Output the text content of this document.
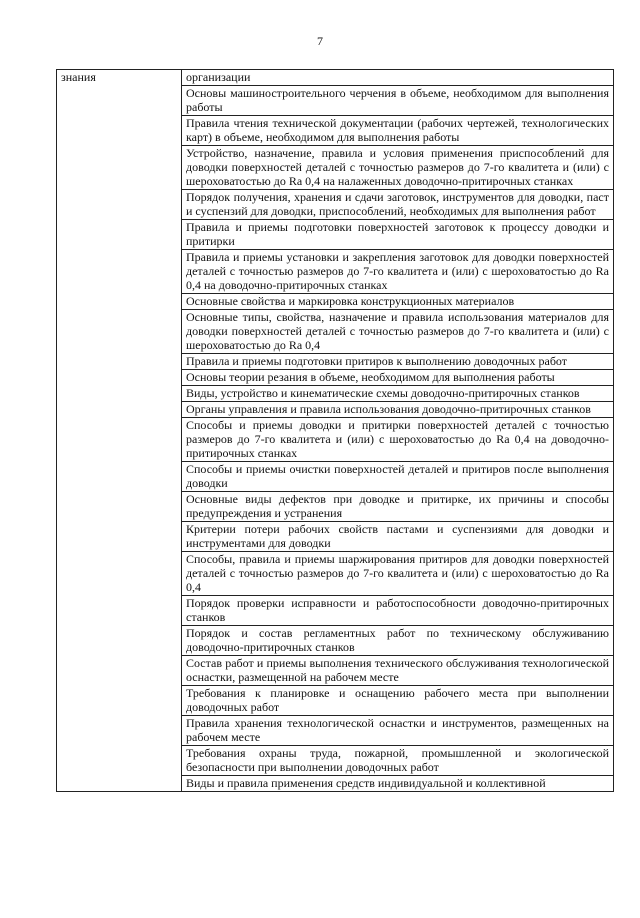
7
знания	организации
Основы машиностроительного черчения в объеме, необходимом для выполнения работы
Правила чтения технической документации (рабочих чертежей, технологических карт) в объеме, необходимом для выполнения работы
Устройство, назначение, правила и условия применения приспособлений для доводки поверхностей деталей с точностью размеров до 7-го квалитета и (или) с шероховатостью до Ra 0,4 на налаженных доводочно-притирочных станках
Порядок получения, хранения и сдачи заготовок, инструментов для доводки, паст и суспензий для доводки, приспособлений, необходимых для выполнения работ
Правила и приемы подготовки поверхностей заготовок к процессу доводки и притирки
Правила и приемы установки и закрепления заготовок для доводки поверхностей деталей с точностью размеров до 7-го квалитета и (или) с шероховатостью до Ra 0,4 на доводочно-притирочных станках
Основные свойства и маркировка конструкционных материалов
Основные типы, свойства, назначение и правила использования материалов для доводки поверхностей деталей с точностью размеров до 7-го квалитета и (или) с шероховатостью до Ra 0,4
Правила и приемы подготовки притиров к выполнению доводочных работ
Основы теории резания в объеме, необходимом для выполнения работы
Виды, устройство и кинематические схемы доводочно-притирочных станков
Органы управления и правила использования доводочно-притирочных станков
Способы и приемы доводки и притирки поверхностей деталей с точностью размеров до 7-го квалитета и (или) с шероховатостью до Ra 0,4 на доводочно-притирочных станках
Способы и приемы очистки поверхностей деталей и притиров после выполнения доводки
Основные виды дефектов при доводке и притирке, их причины и способы предупреждения и устранения
Критерии потери рабочих свойств пастами и суспензиями для доводки и инструментами для доводки
Способы, правила и приемы шаржирования притиров для доводки поверхностей деталей с точностью размеров до 7-го квалитета и (или) с шероховатостью до Ra 0,4
Порядок проверки исправности и работоспособности доводочно-притирочных станков
Порядок и состав регламентных работ по техническому обслуживанию доводочно-притирочных станков
Состав работ и приемы выполнения технического обслуживания технологической оснастки, размещенной на рабочем месте
Требования к планировке и оснащению рабочего места при выполнении доводочных работ
Правила хранения технологической оснастки и инструментов, размещенных на рабочем месте
Требования охраны труда, пожарной, промышленной и экологической безопасности при выполнении доводочных работ
Виды и правила применения средств индивидуальной и коллективной
